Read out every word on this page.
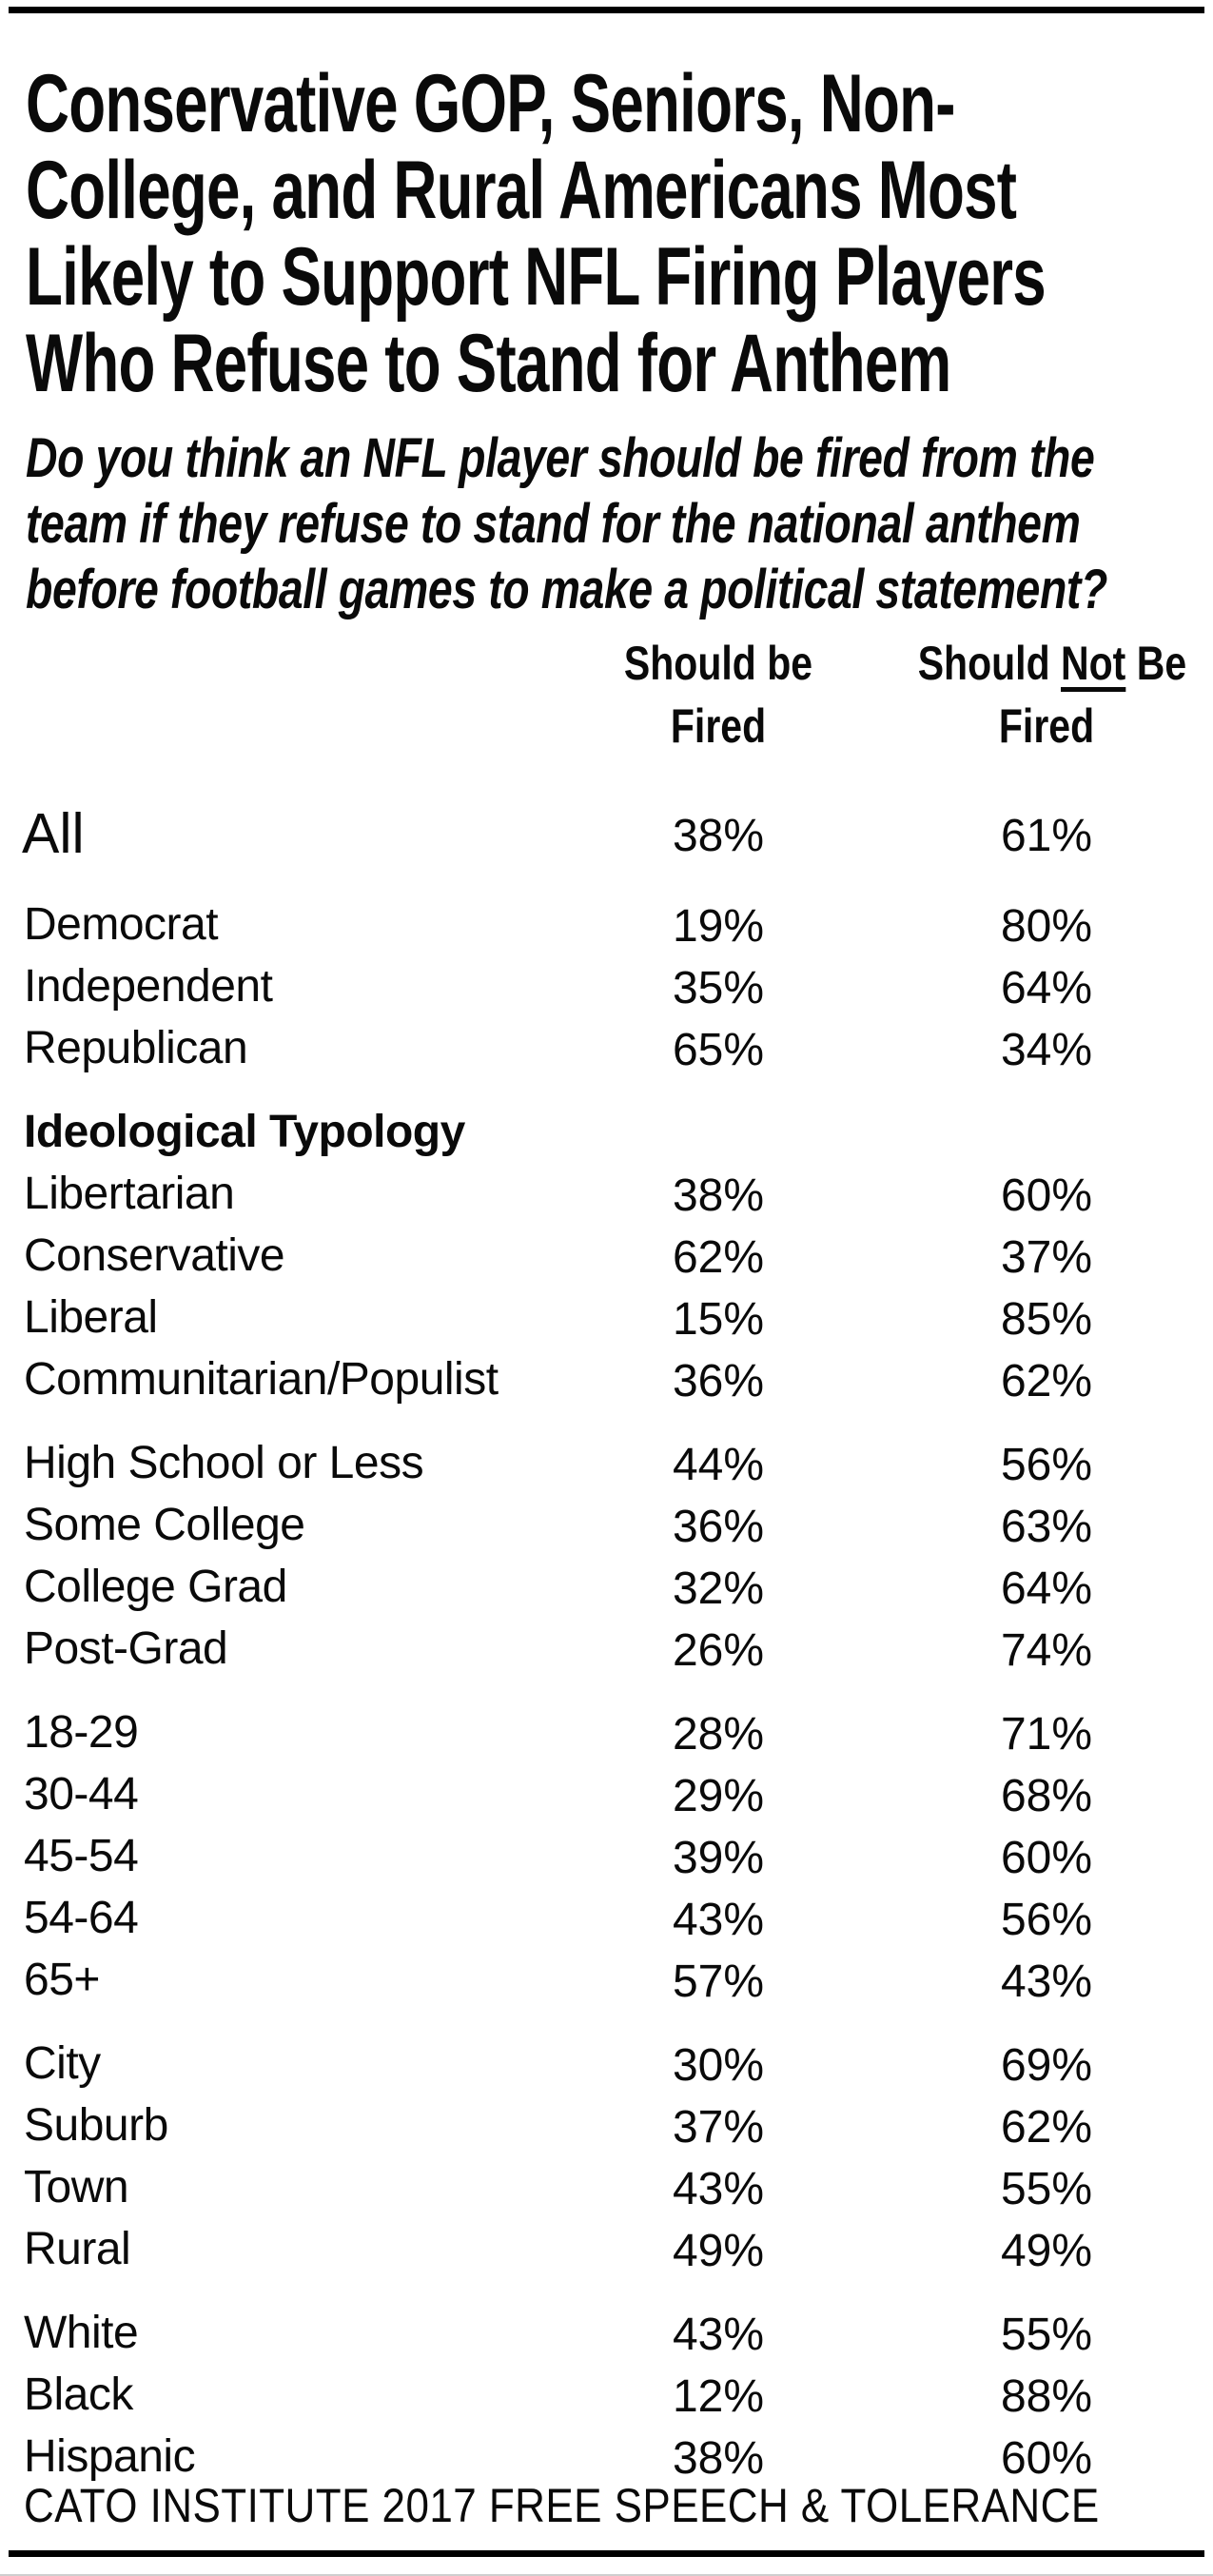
Conservative GOP, Seniors, Non-
College, and Rural Americans Most
Likely to Support NFL Firing Players
Who Refuse to Stand for Anthem

Do you think an NFL player should be fired from the
team if they refuse to stand for the national anthem
before football games to make a political statement?

Should be
Fired
Should Not Be
Fired
All	38%	61%
Democrat	19%	80%
Independent	35%	64%
Republican	65%	34%
Ideological Typology
Libertarian	38%	60%
Conservative	62%	37%
Liberal	15%	85%
Communitarian/Populist	36%	62%
High School or Less	44%	56%
Some College	36%	63%
College Grad	32%	64%
Post-Grad	26%	74%
18-29	28%	71%
30-44	29%	68%
45-54	39%	60%
54-64	43%	56%
65+	57%	43%
City	30%	69%
Suburb	37%	62%
Town	43%	55%
Rural	49%	49%
White	43%	55%
Black	12%	88%
Hispanic	38%	60%
CATO INSTITUTE 2017 FREE SPEECH & TOLERANCE
